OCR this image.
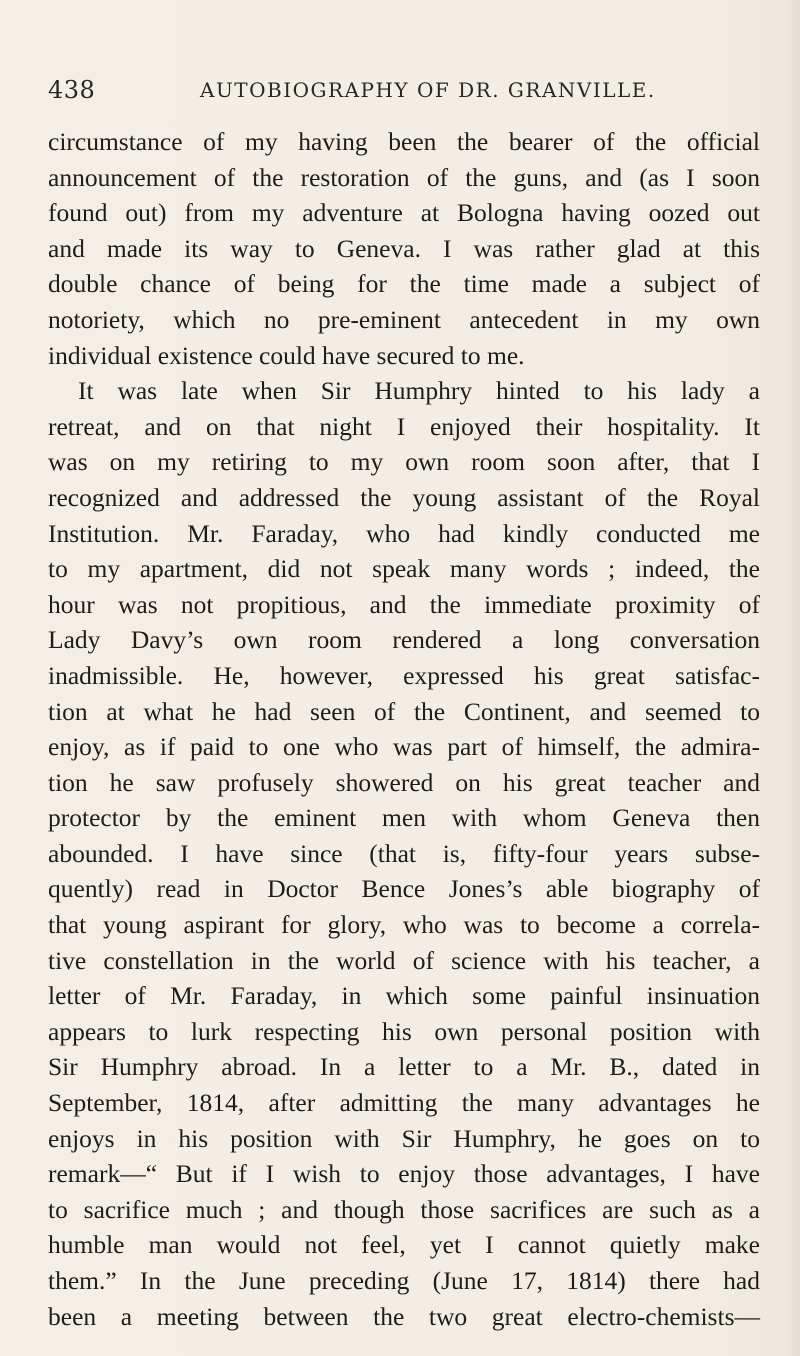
438	AUTOBIOGRAPHY OF DR. GRANVILLE.
circumstance of my having been the bearer of the official
announcement of the restoration of the guns, and (as I soon
found out) from my adventure at Bologna having oozed out
and made its way to Geneva. I was rather glad at this
double chance of being for the time made a subject of
notoriety, which no pre-eminent antecedent in my own
individual existence could have secured to me.
It was late when Sir Humphry hinted to his lady a
retreat, and on that night I enjoyed their hospitality. It
was on my retiring to my own room soon after, that I
recognized and addressed the young assistant of the Royal
Institution. Mr. Faraday, who had kindly conducted me
to my apartment, did not speak many words ; indeed, the
hour was not propitious, and the immediate proximity of
Lady Davy’s own room rendered a long conversation
inadmissible. He, however, expressed his great satisfac-
tion at what he had seen of the Continent, and seemed to
enjoy, as if paid to one who was part of himself, the admira-
tion he saw profusely showered on his great teacher and
protector by the eminent men with whom Geneva then
abounded. I have since (that is, fifty-four years subse-
quently) read in Doctor Bence Jones’s able biography of
that young aspirant for glory, who was to become a correla-
tive constellation in the world of science with his teacher, a
letter of Mr. Faraday, in which some painful insinuation
appears to lurk respecting his own personal position with
Sir Humphry abroad. In a letter to a Mr. B., dated in
September, 1814, after admitting the many advantages he
enjoys in his position with Sir Humphry, he goes on to
remark—“ But if I wish to enjoy those advantages, I have
to sacrifice much ; and though those sacrifices are such as a
humble man would not feel, yet I cannot quietly make
them.” In the June preceding (June 17, 1814) there had
been a meeting between the two great electro-chemists—
